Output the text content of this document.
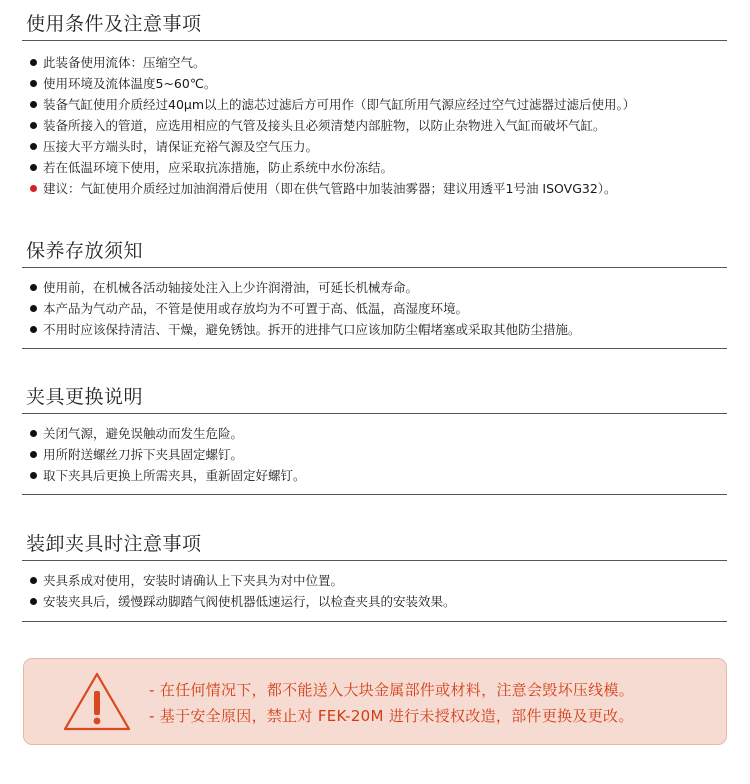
使用条件及注意事项
此装备使用流体：压缩空气。
使用环境及流体温度5~60℃。
装备气缸使用介质经过40μm以上的滤芯过滤后方可用作（即气缸所用气源应经过空气过滤器过滤后使用。）
装备所接入的管道，应选用相应的气管及接头且必须清楚内部脏物，以防止杂物进入气缸而破坏气缸。
压接大平方端头时，请保证充裕气源及空气压力。
若在低温环境下使用，应采取抗冻措施，防止系统中水份冻结。
建议：气缸使用介质经过加油润滑后使用（即在供气管路中加装油雾器；建议用透平1号油 ISOVG32）。
保养存放须知
使用前，在机械各活动轴接处注入上少许润滑油，可延长机械寿命。
本产品为气动产品，不管是使用或存放均为不可置于高、低温，高湿度环境。
不用时应该保持清洁、干燥，避免锈蚀。拆开的进排气口应该加防尘帽堵塞或采取其他防尘措施。
夹具更换说明
关闭气源，避免误触动而发生危险。
用所附送螺丝刀拆下夹具固定螺钉。
取下夹具后更换上所需夹具，重新固定好螺钉。
装卸夹具时注意事项
夹具系成对使用，安装时请确认上下夹具为对中位置。
安装夹具后，缓慢踩动脚踏气阀使机器低速运行，以检查夹具的安装效果。
- 在任何情况下，都不能送入大块金属部件或材料，注意会毁坏压线模。
- 基于安全原因，禁止对 FEK-20M 进行未授权改造，部件更换及更改。
